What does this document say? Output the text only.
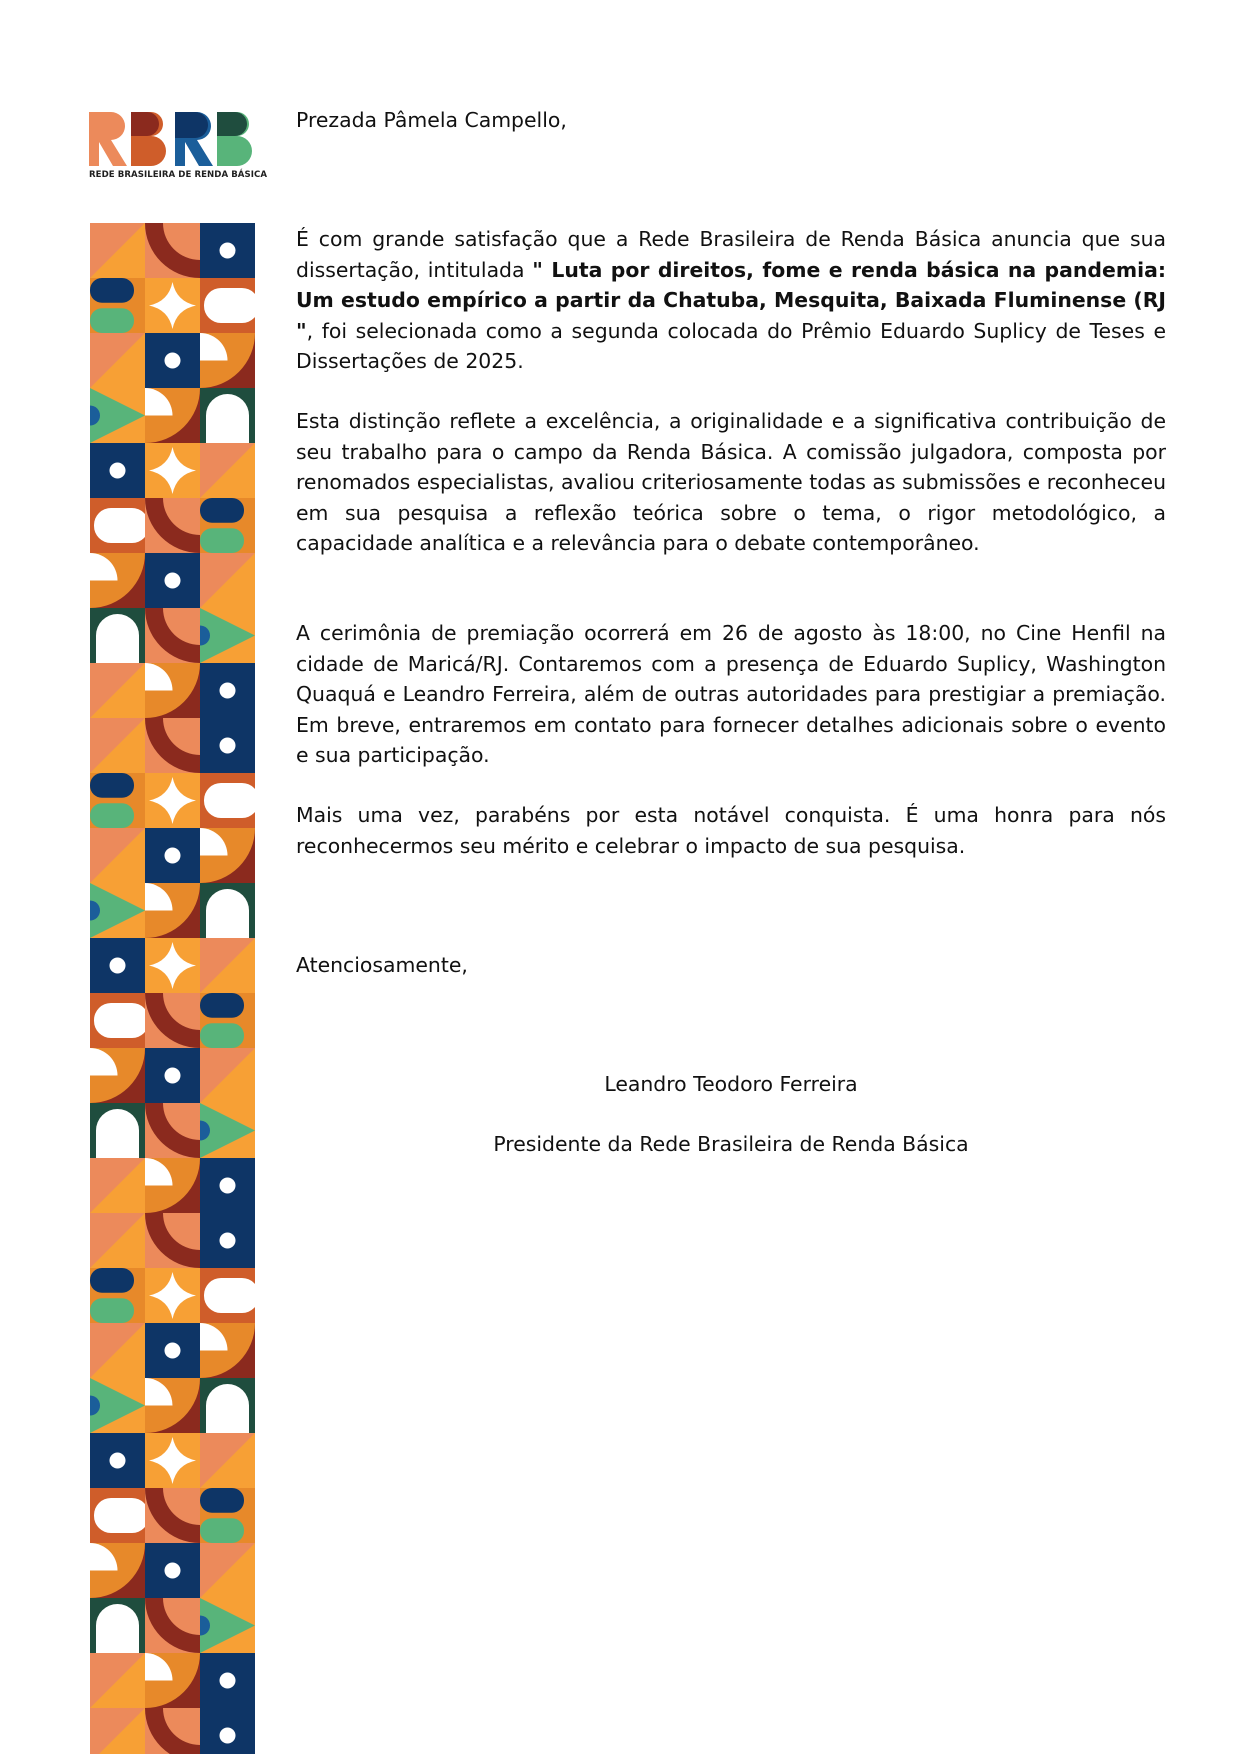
REDE BRASILEIRA DE RENDA BÁSICA
Prezada Pâmela Campello,

É com grande satisfação que a Rede Brasileira de Renda Básica anuncia que sua dissertação, intitulada " Luta por direitos, fome e renda básica na pandemia: Um estudo empírico a partir da Chatuba, Mesquita, Baixada Fluminense (RJ ", foi selecionada como a segunda colocada do Prêmio Eduardo Suplicy de Teses e Dissertações de 2025.

Esta distinção reflete a excelência, a originalidade e a significativa contribuição de seu trabalho para o campo da Renda Básica. A comissão julgadora, composta por renomados especialistas, avaliou criteriosamente todas as submissões e reconheceu em sua pesquisa a reflexão teórica sobre o tema, o rigor metodológico, a capacidade analítica e a relevância para o debate contemporâneo.

A cerimônia de premiação ocorrerá em 26 de agosto às 18:00, no Cine Henfil na cidade de Maricá/RJ. Contaremos com a presença de Eduardo Suplicy, Washington Quaquá e Leandro Ferreira, além de outras autoridades para prestigiar a premiação. Em breve, entraremos em contato para fornecer detalhes adicionais sobre o evento e sua participação.

Mais uma vez, parabéns por esta notável conquista. É uma honra para nós reconhecermos seu mérito e celebrar o impacto de sua pesquisa.

Atenciosamente,
Leandro Teodoro Ferreira
Presidente da Rede Brasileira de Renda Básica
